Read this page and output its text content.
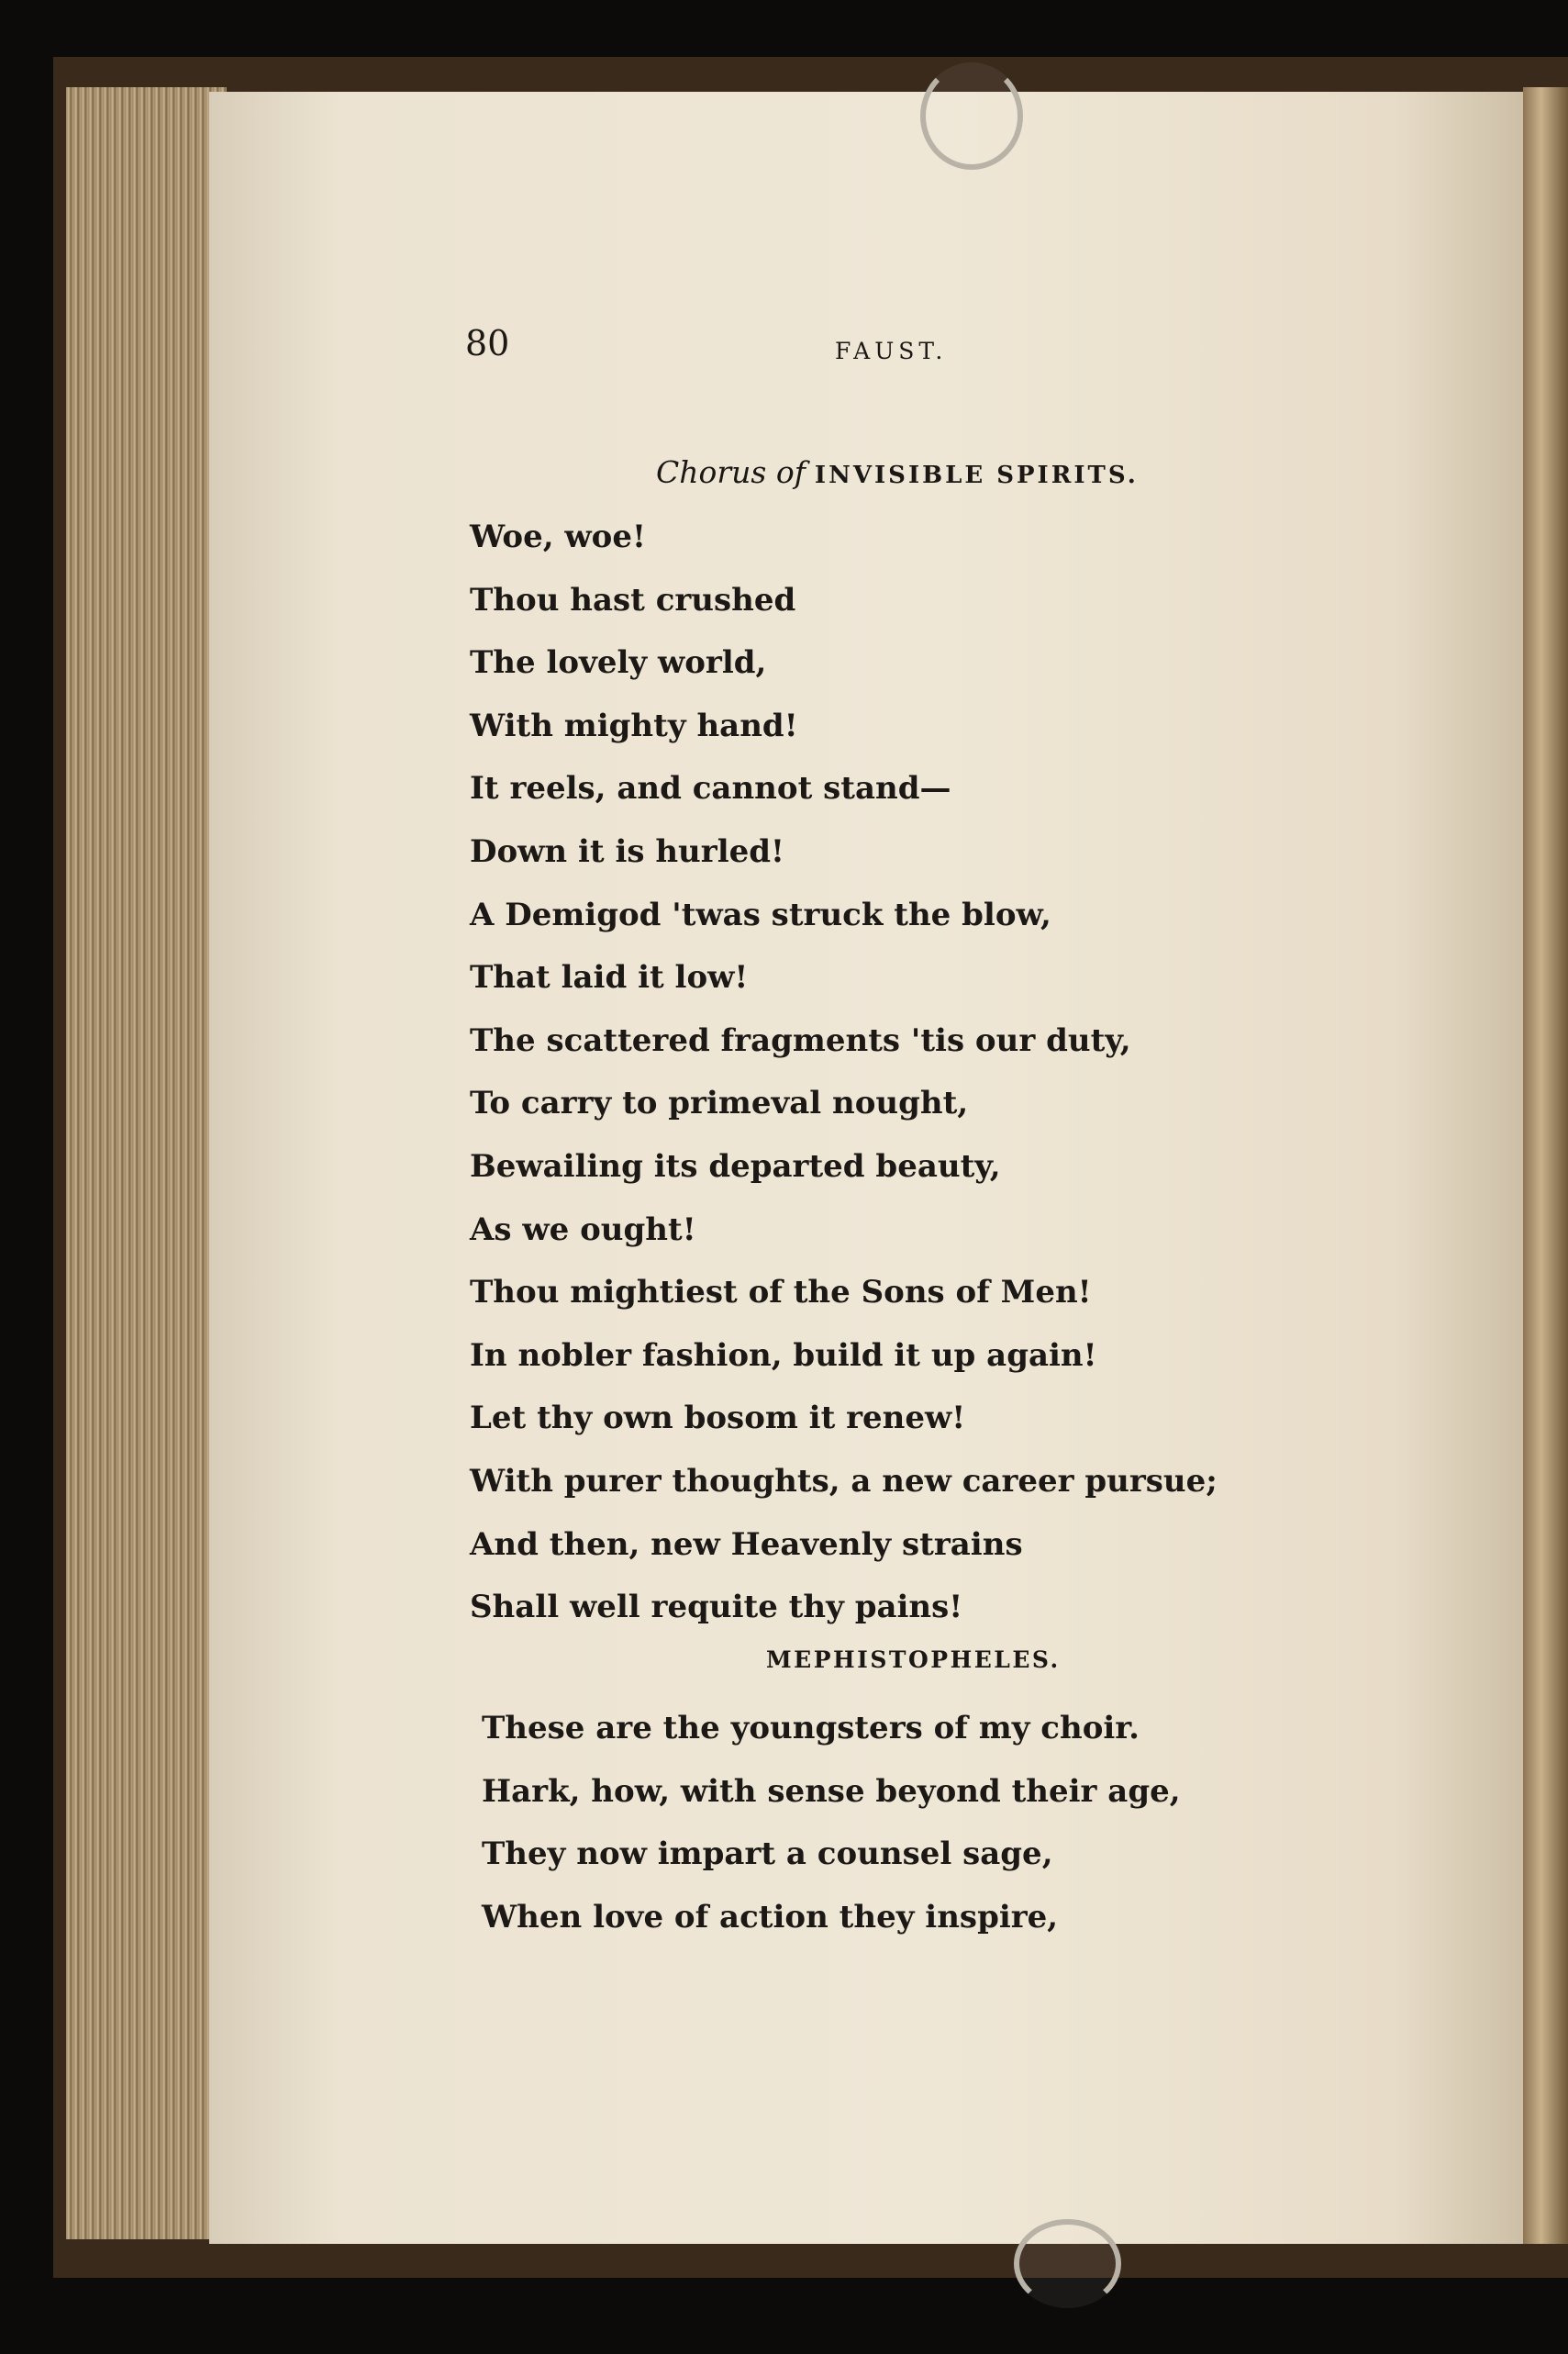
80	FAUST.
Chorus of INVISIBLE SPIRITS.
Woe, woe!
Thou hast crushed
The lovely world,
With mighty hand!
It reels, and cannot stand—
Down it is hurled!
A Demigod 'twas struck the blow,
That laid it low!
The scattered fragments 'tis our duty,
To carry to primeval nought,
Bewailing its departed beauty,
As we ought!
Thou mightiest of the Sons of Men!
In nobler fashion, build it up again!
Let thy own bosom it renew!
With purer thoughts, a new career pursue;
And then, new Heavenly strains
Shall well requite thy pains!
MEPHISTOPHELES.
These are the youngsters of my choir.
Hark, how, with sense beyond their age,
They now impart a counsel sage,
When love of action they inspire,
